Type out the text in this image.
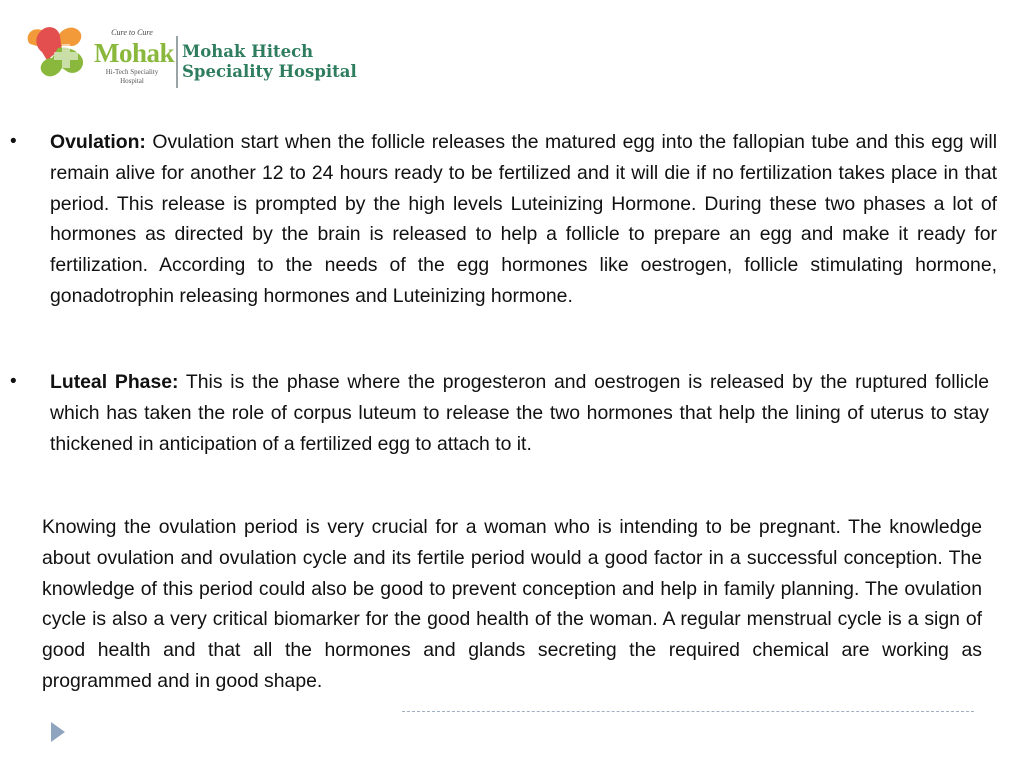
Cure to Cure
Mohak
Hi-Tech Speciality Hospital
Mohak Hitech
Speciality Hospital
• Ovulation: Ovulation start when the follicle releases the matured egg into the fallopian tube and this egg will remain alive for another 12 to 24 hours ready to be fertilized and it will die if no fertilization takes place in that period. This release is prompted by the high levels Luteinizing Hormone. During these two phases a lot of hormones as directed by the brain is released to help a follicle to prepare an egg and make it ready for fertilization. According to the needs of the egg hormones like oestrogen, follicle stimulating hormone, gonadotrophin releasing hormones and Luteinizing hormone.
• Luteal Phase: This is the phase where the progesteron and oestrogen is released by the ruptured follicle which has taken the role of corpus luteum to release the two hormones that help the lining of uterus to stay thickened in anticipation of a fertilized egg to attach to it.
Knowing the ovulation period is very crucial for a woman who is intending to be pregnant. The knowledge about ovulation and ovulation cycle and its fertile period would a good factor in a successful conception. The knowledge of this period could also be good to prevent conception and help in family planning. The ovulation cycle is also a very critical biomarker for the good health of the woman. A regular menstrual cycle is a sign of good health and that all the hormones and glands secreting the required chemical are working as programmed and in good shape.
